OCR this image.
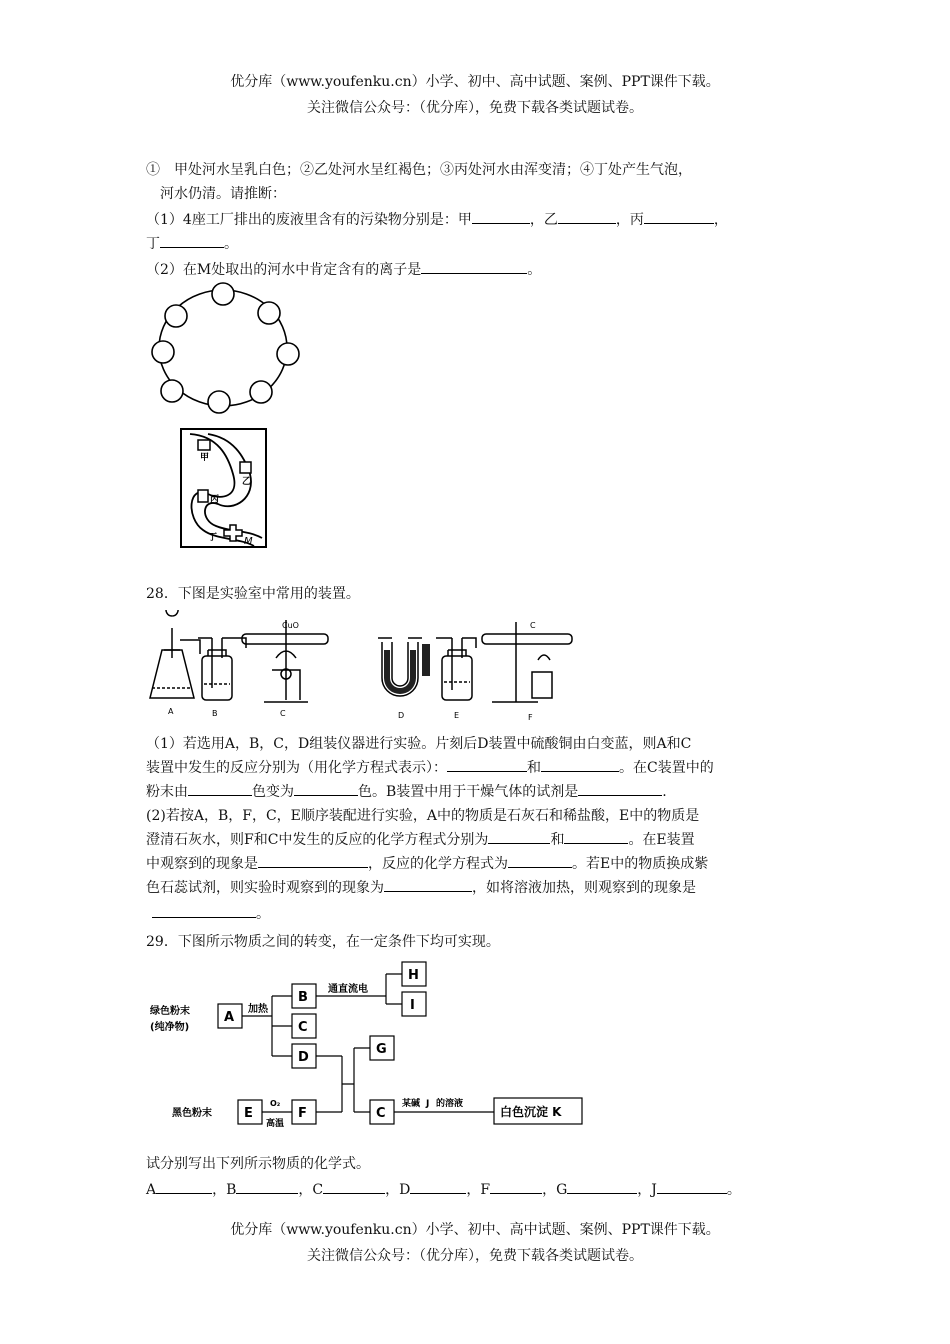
优分库（www.youfenku.cn）小学、初中、高中试题、案例、PPT课件下载。
关注微信公众号：（优分库），免费下载各类试题试卷。
①　甲处河水呈乳白色；②乙处河水呈红褐色；③丙处河水由浑变清；④丁处产生气泡，
河水仍清。请推断：
（1）4座工厂排出的废液里含有的污染物分别是：甲	，乙	，丙	，
丁	。
（2）在M处取出的河水中肯定含有的离子是	。
甲
乙
丙
丁	M
28．下图是实验室中常用的装置。
A	B	C	D	E	F
CuO	C
（1）若选用A，B，C，D组装仪器进行实验。片刻后D装置中硫酸铜由白变蓝，则A和C
装置中发生的反应分别为（用化学方程式表示）：	和	。在C装置中的
粉末由	色变为	色。B装置中用于干燥气体的试剂是	.
(2)若按A，B，F，C，E顺序装配进行实验，A中的物质是石灰石和稀盐酸，E中的物质是
澄清石灰水，则F和C中发生的反应的化学方程式分别为	和	。在E装置
中观察到的现象是	，反应的化学方程式为	。若E中的物质换成紫
色石蕊试剂，则实验时观察到的现象为	，如将溶液加热，则观察到的现象是
。
29．下图所示物质之间的转变，在一定条件下均可实现。
绿色粉末
(纯净物)
黑色粉末
加热
通直流电
O₂
高温
某碱 J 的溶液
白色沉淀 K
A
B
C
D
E	F
G
C
H
I
试分别写出下列所示物质的化学式。
A	，B	，C	，D	，F	，G	，J	。
优分库（www.youfenku.cn）小学、初中、高中试题、案例、PPT课件下载。
关注微信公众号：（优分库），免费下载各类试题试卷。
